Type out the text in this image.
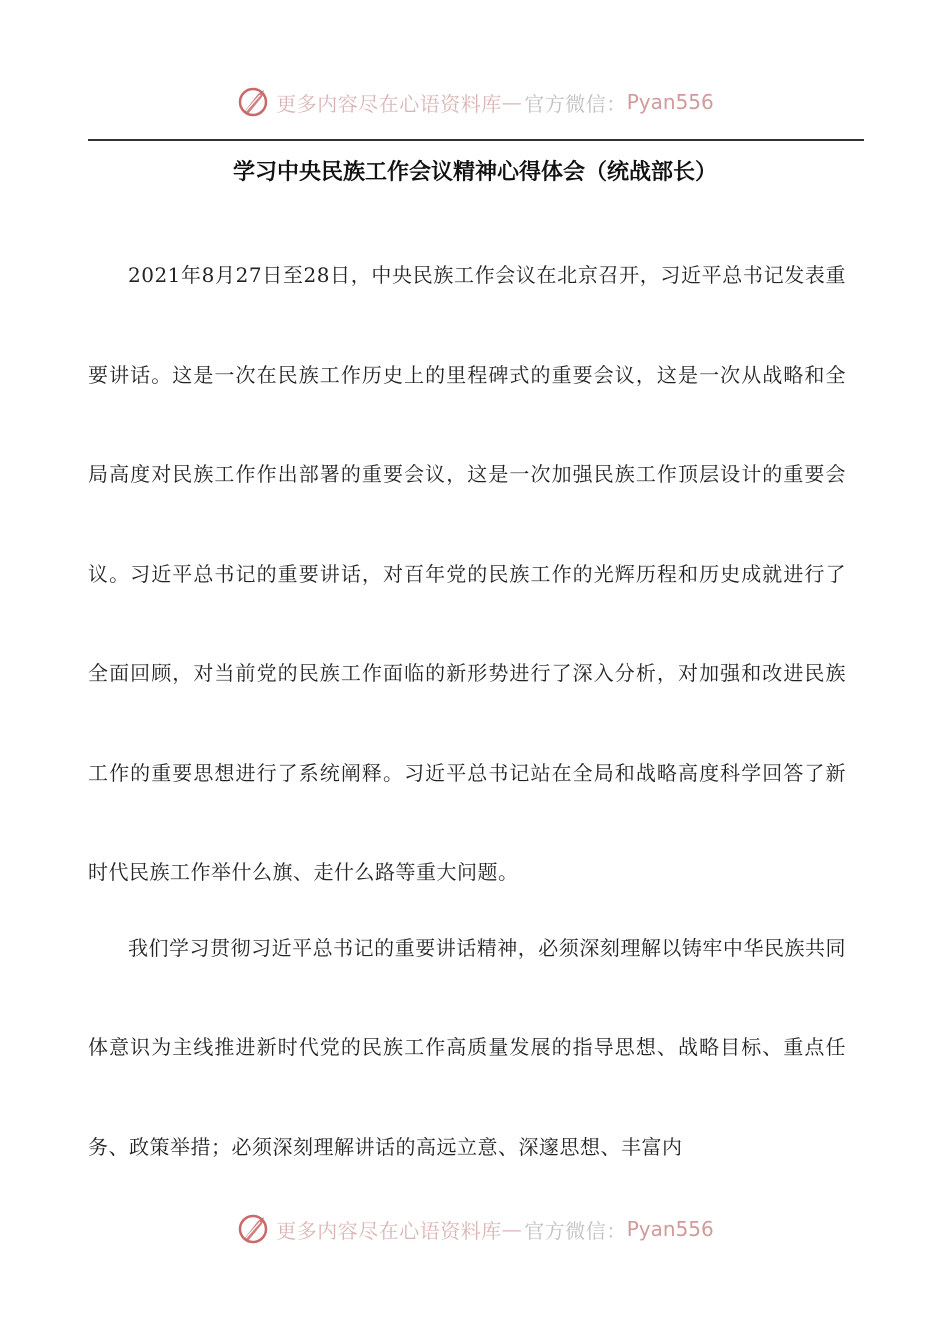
更多内容尽在心语资料库 — 官方微信： Pyan556
学习中央民族工作会议精神心得体会（统战部长）

2021年8月27日至28日，中央民族工作会议在北京召开，习近平总书记发表重要讲话。这是一次在民族工作历史上的里程碑式的重要会议，这是一次从战略和全局高度对民族工作作出部署的重要会议，这是一次加强民族工作顶层设计的重要会议。习近平总书记的重要讲话，对百年党的民族工作的光辉历程和历史成就进行了全面回顾，对当前党的民族工作面临的新形势进行了深入分析，对加强和改进民族工作的重要思想进行了系统阐释。习近平总书记站在全局和战略高度科学回答了新时代民族工作举什么旗、走什么路等重大问题。

我们学习贯彻习近平总书记的重要讲话精神，必须深刻理解以铸牢中华民族共同体意识为主线推进新时代党的民族工作高质量发展的指导思想、战略目标、重点任务、政策举措；必须深刻理解讲话的高远立意、深邃思想、丰富内

更多内容尽在心语资料库 — 官方微信： Pyan556
